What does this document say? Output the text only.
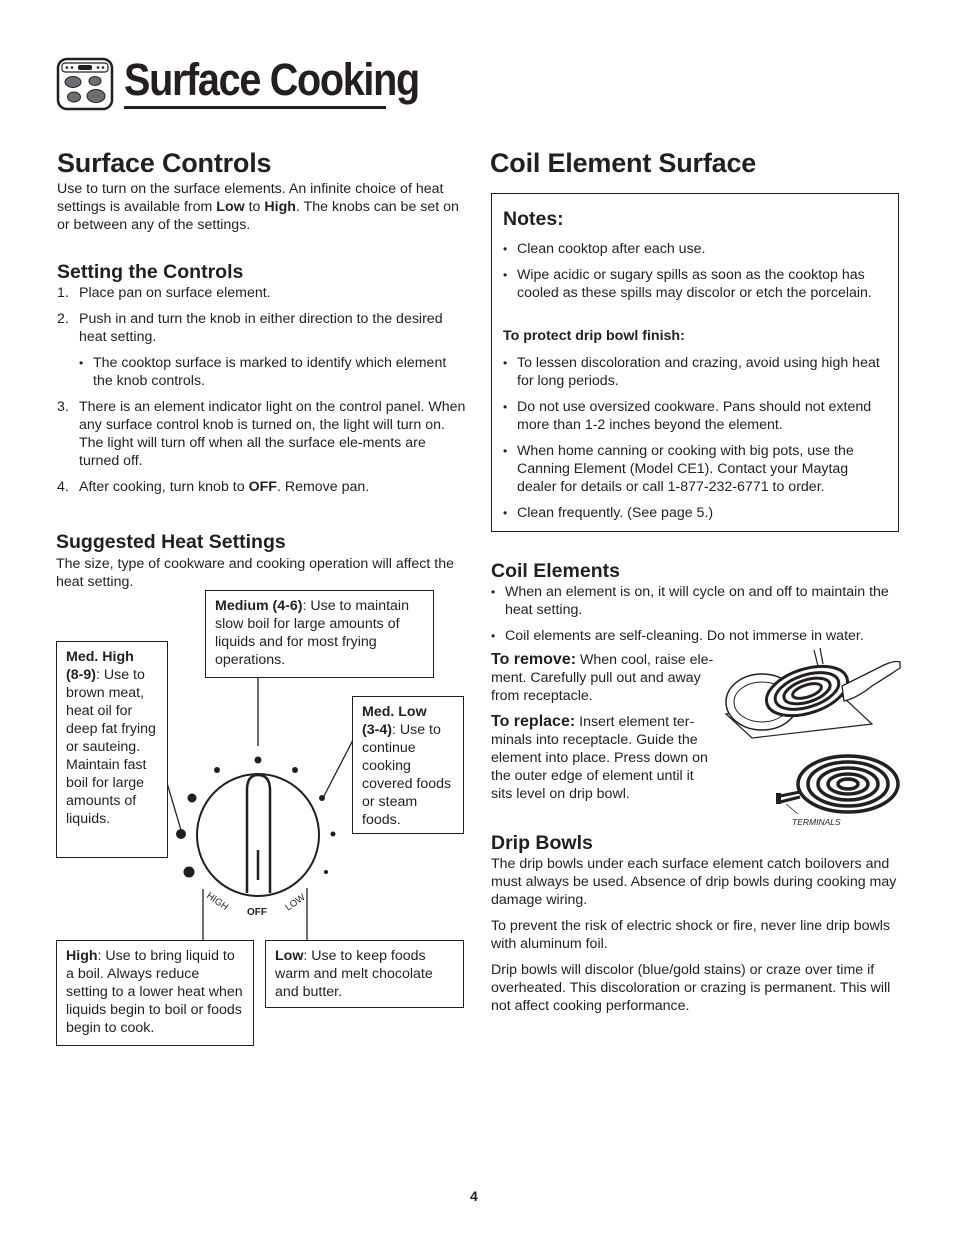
Surface Cooking
Surface Controls
Use to turn on the surface elements. An infinite choice of heat settings is available from Low to High. The knobs can be set on or between any of the settings.
Setting the Controls
1. Place pan on surface element.
2. Push in and turn the knob in either direction to the desired heat setting.
• The cooktop surface is marked to identify which element the knob controls.
3. There is an element indicator light on the control panel. When any surface control knob is turned on, the light will turn on. The light will turn off when all the surface ele-ments are turned off.
4. After cooking, turn knob to OFF. Remove pan.
Suggested Heat Settings
The size, type of cookware and cooking operation will affect the heat setting.
HIGH OFF LOW
Medium (4-6): Use to maintain slow boil for large amounts of liquids and for most frying operations.
Med. High
(8-9): Use to brown meat, heat oil for deep fat frying or sauteing. Maintain fast boil for large amounts of liquids.
Med. Low
(3-4): Use to continue cooking covered foods or steam foods.
High: Use to bring liquid to a boil. Always reduce setting to a lower heat when liquids begin to boil or foods begin to cook.
Low: Use to keep foods warm and melt chocolate and butter.
Coil Element Surface
Notes:
• Clean cooktop after each use.
• Wipe acidic or sugary spills as soon as the cooktop has cooled as these spills may discolor or etch the porcelain.
To protect drip bowl finish:
• To lessen discoloration and crazing, avoid using high heat for long periods.
• Do not use oversized cookware. Pans should not extend more than 1-2 inches beyond the element.
• When home canning or cooking with big pots, use the Canning Element (Model CE1). Contact your Maytag dealer for details or call 1-877-232-6771 to order.
• Clean frequently. (See page 5.)
Coil Elements
• When an element is on, it will cycle on and off to maintain the heat setting.
• Coil elements are self-cleaning. Do not immerse in water.
To remove: When cool, raise ele-ment. Carefully pull out and away from receptacle.
To replace: Insert element ter-minals into receptacle. Guide the element into place. Press down on the outer edge of element until it sits level on drip bowl.
TERMINALS
Drip Bowls
The drip bowls under each surface element catch boilovers and must always be used. Absence of drip bowls during cooking may damage wiring.
To prevent the risk of electric shock or fire, never line drip bowls with aluminum foil.
Drip bowls will discolor (blue/gold stains) or craze over time if overheated. This discoloration or crazing is permanent. This will not affect cooking performance.
4
